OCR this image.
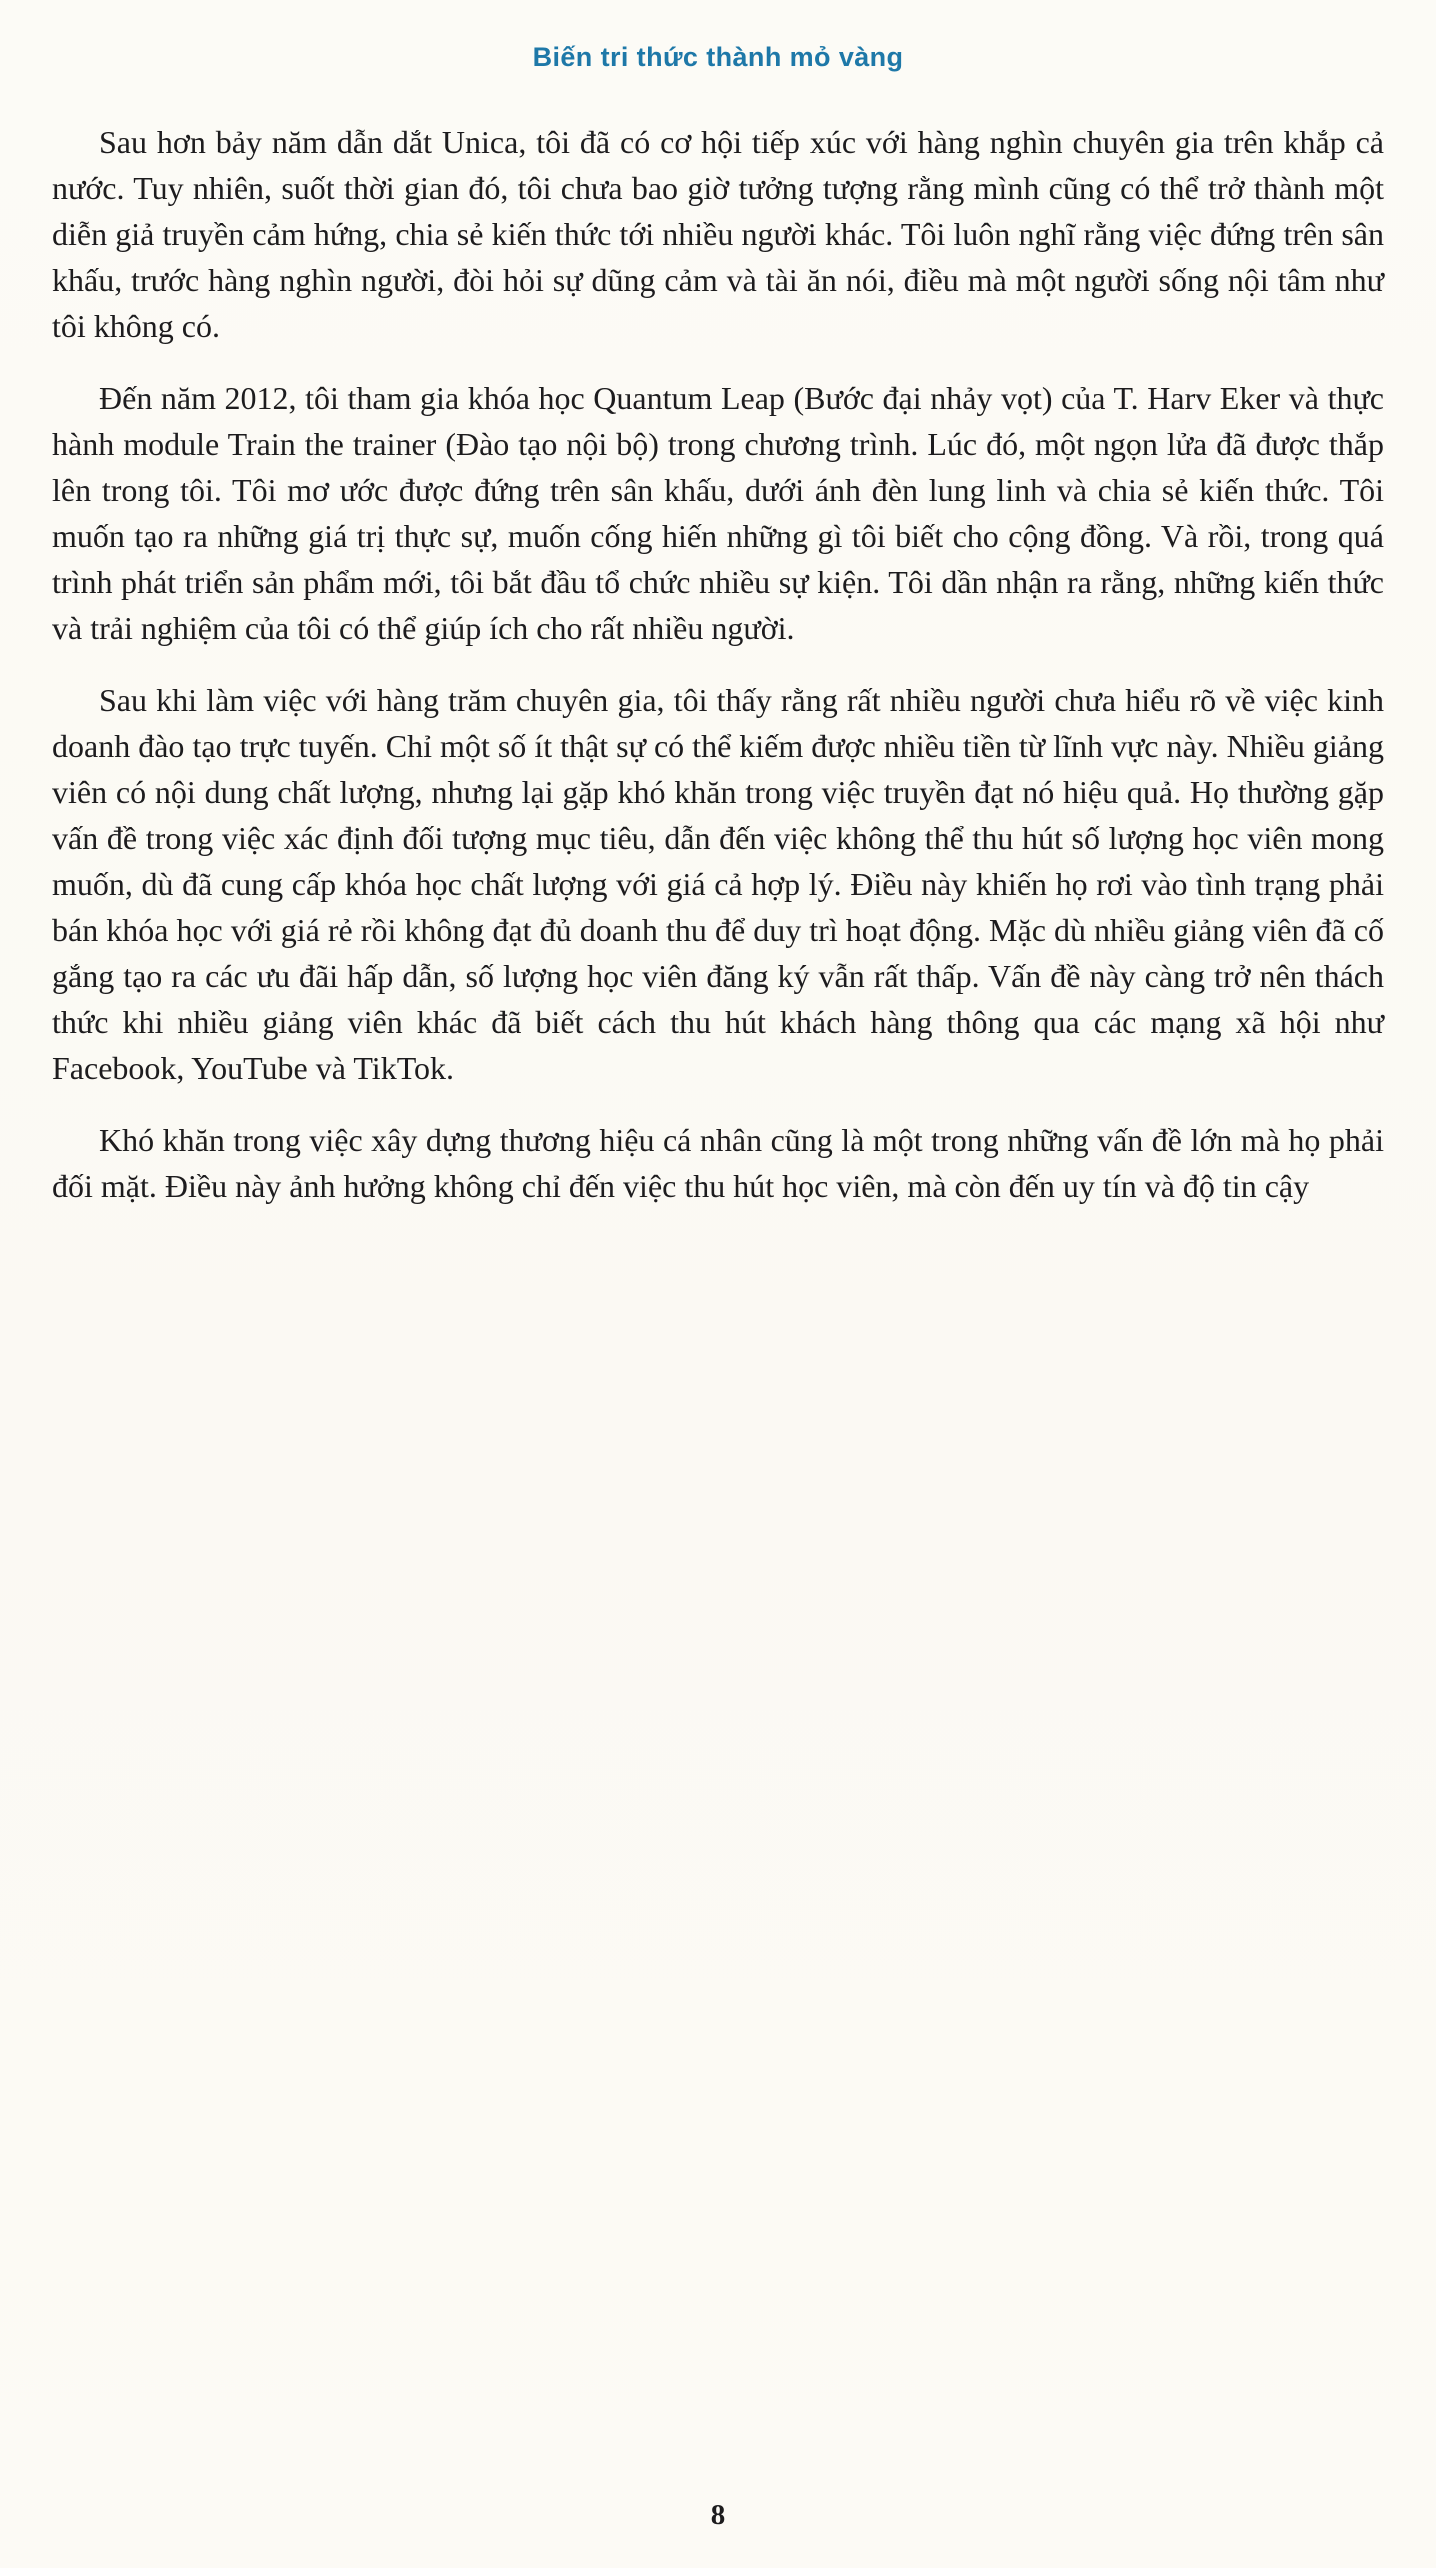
Biến tri thức thành mỏ vàng

Sau hơn bảy năm dẫn dắt Unica, tôi đã có cơ hội tiếp xúc với hàng nghìn chuyên gia trên khắp cả nước. Tuy nhiên, suốt thời gian đó, tôi chưa bao giờ tưởng tượng rằng mình cũng có thể trở thành một diễn giả truyền cảm hứng, chia sẻ kiến thức tới nhiều người khác. Tôi luôn nghĩ rằng việc đứng trên sân khấu, trước hàng nghìn người, đòi hỏi sự dũng cảm và tài ăn nói, điều mà một người sống nội tâm như tôi không có.

Đến năm 2012, tôi tham gia khóa học Quantum Leap (Bước đại nhảy vọt) của T. Harv Eker và thực hành module Train the trainer (Đào tạo nội bộ) trong chương trình. Lúc đó, một ngọn lửa đã được thắp lên trong tôi. Tôi mơ ước được đứng trên sân khấu, dưới ánh đèn lung linh và chia sẻ kiến thức. Tôi muốn tạo ra những giá trị thực sự, muốn cống hiến những gì tôi biết cho cộng đồng. Và rồi, trong quá trình phát triển sản phẩm mới, tôi bắt đầu tổ chức nhiều sự kiện. Tôi dần nhận ra rằng, những kiến thức và trải nghiệm của tôi có thể giúp ích cho rất nhiều người.

Sau khi làm việc với hàng trăm chuyên gia, tôi thấy rằng rất nhiều người chưa hiểu rõ về việc kinh doanh đào tạo trực tuyến. Chỉ một số ít thật sự có thể kiếm được nhiều tiền từ lĩnh vực này. Nhiều giảng viên có nội dung chất lượng, nhưng lại gặp khó khăn trong việc truyền đạt nó hiệu quả. Họ thường gặp vấn đề trong việc xác định đối tượng mục tiêu, dẫn đến việc không thể thu hút số lượng học viên mong muốn, dù đã cung cấp khóa học chất lượng với giá cả hợp lý. Điều này khiến họ rơi vào tình trạng phải bán khóa học với giá rẻ rồi không đạt đủ doanh thu để duy trì hoạt động. Mặc dù nhiều giảng viên đã cố gắng tạo ra các ưu đãi hấp dẫn, số lượng học viên đăng ký vẫn rất thấp. Vấn đề này càng trở nên thách thức khi nhiều giảng viên khác đã biết cách thu hút khách hàng thông qua các mạng xã hội như Facebook, YouTube và TikTok.

Khó khăn trong việc xây dựng thương hiệu cá nhân cũng là một trong những vấn đề lớn mà họ phải đối mặt. Điều này ảnh hưởng không chỉ đến việc thu hút học viên, mà còn đến uy tín và độ tin cậy

8
